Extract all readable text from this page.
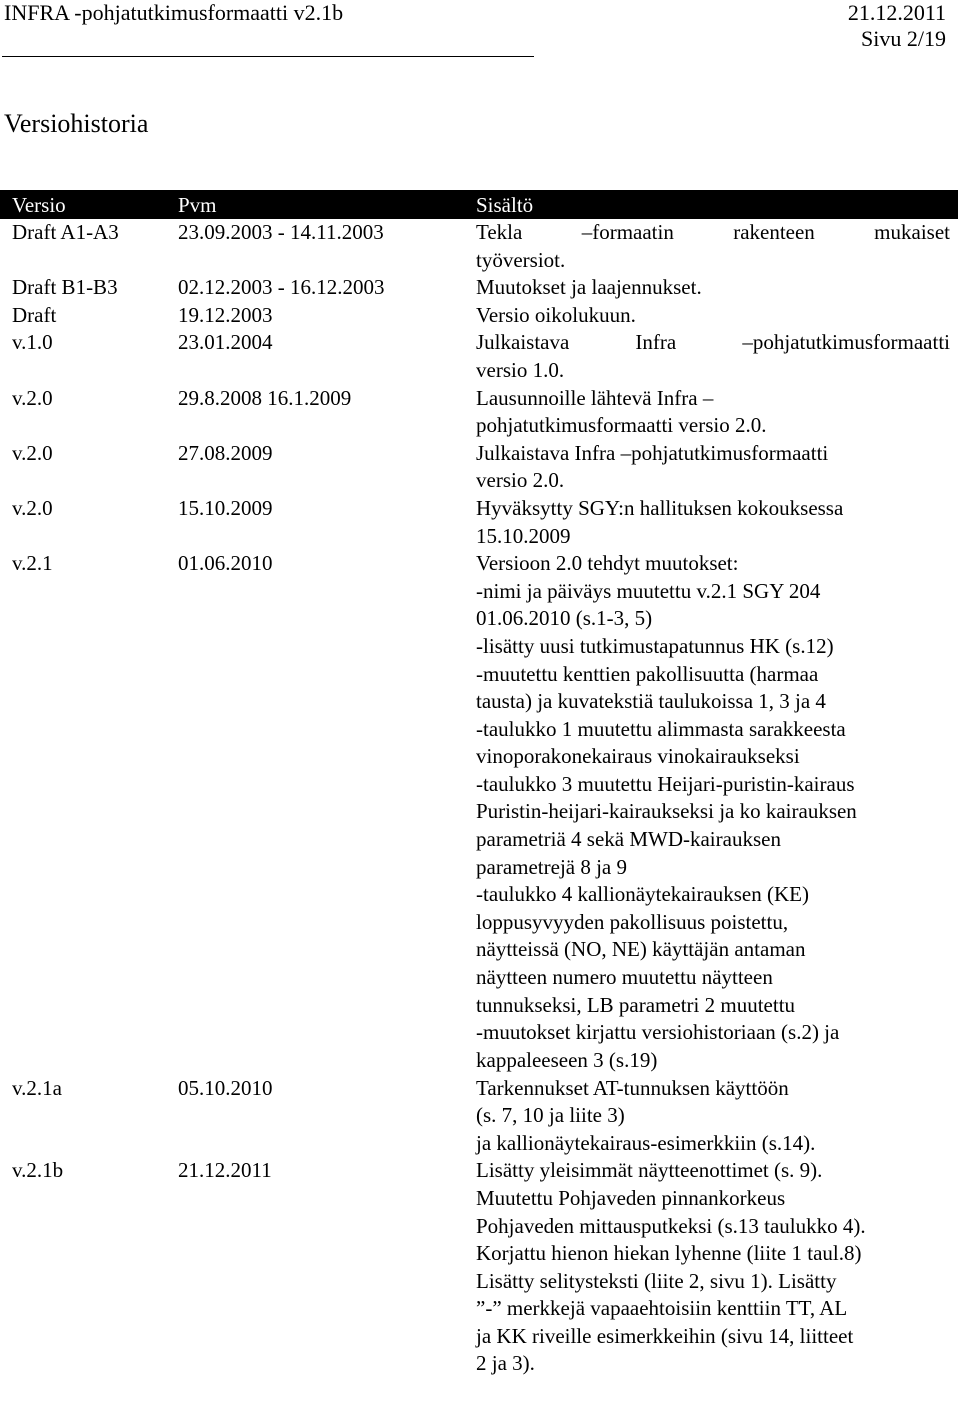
INFRA -pohjatutkimusformaatti v2.1b	21.12.2011
Sivu 2/19
Versiohistoria
Versio	Pvm	Sisältö
Draft A1-A3	23.09.2003 - 14.11.2003	Tekla –formaatin rakenteen mukaiset
työversiot.
Draft B1-B3	02.12.2003 - 16.12.2003	Muutokset ja laajennukset.
Draft	19.12.2003	Versio oikolukuun.
v.1.0	23.01.2004	Julkaistava Infra –pohjatutkimusformaatti
versio 1.0.
v.2.0	29.8.2008 16.1.2009	Lausunnoille lähtevä Infra –
pohjatutkimusformaatti versio 2.0.
v.2.0	27.08.2009	Julkaistava Infra –pohjatutkimusformaatti
versio 2.0.
v.2.0	15.10.2009	Hyväksytty SGY:n hallituksen kokouksessa
15.10.2009
v.2.1	01.06.2010	Versioon 2.0 tehdyt muutokset:
-nimi ja päiväys muutettu v.2.1 SGY 204
01.06.2010 (s.1-3, 5)
-lisätty uusi tutkimustapatunnus HK (s.12)
-muutettu kenttien pakollisuutta (harmaa
tausta) ja kuvatekstiä taulukoissa 1, 3 ja 4
-taulukko 1 muutettu alimmasta sarakkeesta
vinoporakonekairaus vinokairaukseksi
-taulukko 3 muutettu Heijari-puristin-kairaus
Puristin-heijari-kairaukseksi ja ko kairauksen
parametriä 4 sekä MWD-kairauksen
parametrejä 8 ja 9
-taulukko 4 kallionäytekairauksen (KE)
loppusyvyyden pakollisuus poistettu,
näytteissä (NO, NE) käyttäjän antaman
näytteen numero muutettu näytteen
tunnukseksi, LB parametri 2 muutettu
-muutokset kirjattu versiohistoriaan (s.2) ja
kappaleeseen 3 (s.19)
v.2.1a	05.10.2010	Tarkennukset AT-tunnuksen käyttöön
(s. 7, 10 ja liite 3)
ja kallionäytekairaus-esimerkkiin (s.14).
v.2.1b	21.12.2011	Lisätty yleisimmät näytteenottimet (s. 9).
Muutettu Pohjaveden pinnankorkeus
Pohjaveden mittausputkeksi (s.13 taulukko 4).
Korjattu hienon hiekan lyhenne (liite 1 taul.8)
Lisätty selitysteksti (liite 2, sivu 1). Lisätty
”-” merkkejä vapaaehtoisiin kenttiin TT, AL
ja KK riveille esimerkkeihin (sivu 14, liitteet
2 ja 3).
